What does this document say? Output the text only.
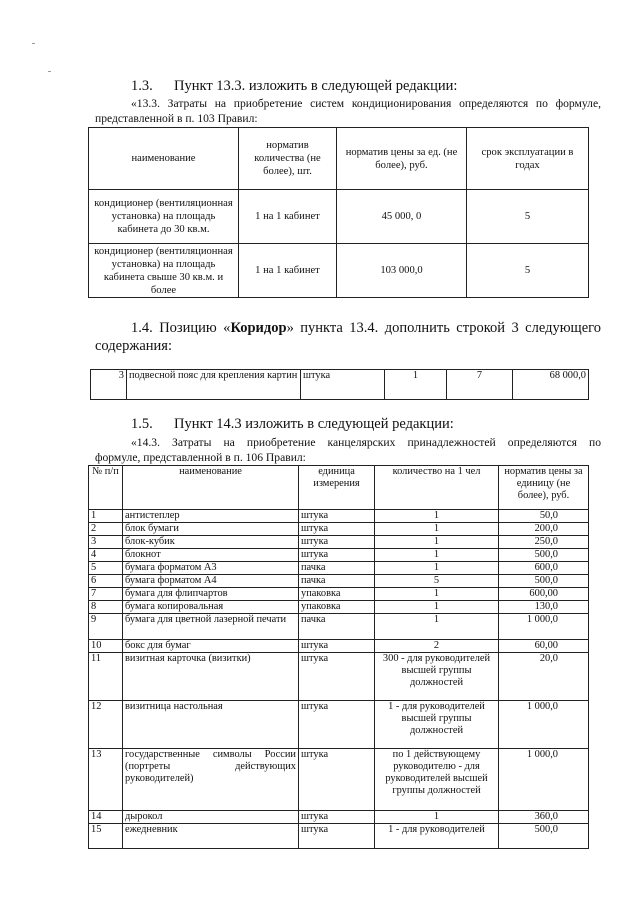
1.3. Пункт 13.3. изложить в следующей редакции:
«13.3. Затраты на приобретение систем кондиционирования определяются по формуле,
представленной в п. 103 Правил:
наименование	норматив количества (не более), шт.	норматив цены за ед. (не более), руб.	срок эксплуатации в годах
кондиционер (вентиляционная установка) на площадь кабинета до 30 кв.м.	1 на 1 кабинет	45 000, 0	5
кондиционер (вентиляционная установка) на площадь кабинета свыше 30 кв.м. и более	1 на 1 кабинет	103 000,0	5
1.4. Позицию «Коридор» пункта 13.4. дополнить строкой 3 следующего
содержания:
3	подвесной пояс для крепления картин	штука	1	7	68 000,0
1.5. Пункт 14.3 изложить в следующей редакции:
«14.3. Затраты на приобретение канцелярских принадлежностей определяются по
формуле, представленной в п. 106 Правил:
№ п/п	наименование	единица измерения	количество на 1 чел	норматив цены за единицу (не более), руб.
1	антистеплер	штука	1	50,0
2	блок бумаги	штука	1	200,0
3	блок-кубик	штука	1	250,0
4	блокнот	штука	1	500,0
5	бумага форматом А3	пачка	1	600,0
6	бумага форматом А4	пачка	5	500,0
7	бумага для флипчартов	упаковка	1	600,00
8	бумага копировальная	упаковка	1	130,0
9	бумага для цветной лазерной печати	пачка	1	1 000,0
10	бокс для бумаг	штука	2	60,00
11	визитная карточка (визитки)	штука	300 - для руководителей высшей группы должностей	20,0
12	визитница настольная	штука	1 - для руководителей высшей группы должностей	1 000,0
13	государственные символы России (портреты действующих руководителей)	штука	по 1 действующему руководителю - для руководителей высшей группы должностей	1 000,0
14	дырокол	штука	1	360,0
15	ежедневник	штука	1 - для руководителей	500,0
